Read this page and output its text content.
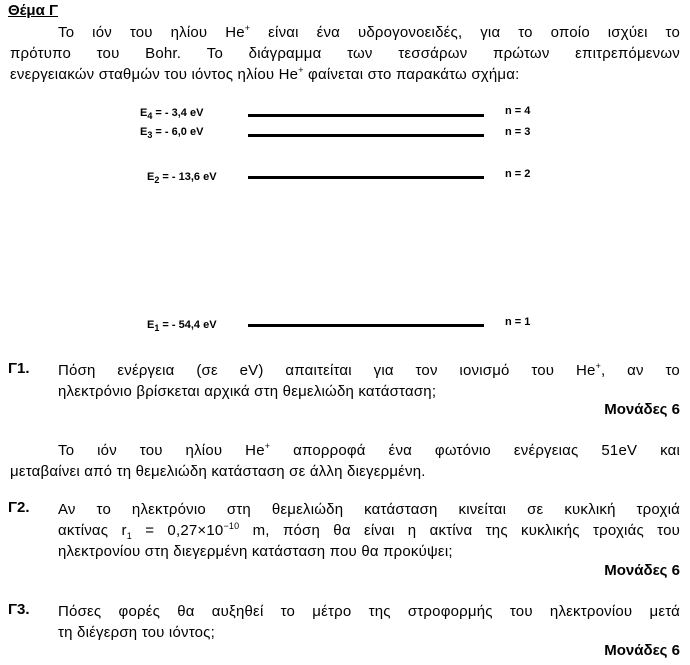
Θέμα Γ
Το ιόν του ηλίου He+ είναι ένα υδρογονοειδές, για το οποίο ισχύει το
πρότυπο του Bohr. Το διάγραμμα των τεσσάρων πρώτων επιτρεπόμενων
ενεργειακών σταθμών του ιόντος ηλίου He+ φαίνεται στο παρακάτω σχήμα:
$E_4$ = - 3,4 eV	n = 4
$E_3$ = - 6,0 eV	n = 3
$E_2$ = - 13,6 eV	n = 2
$E_1$ = - 54,4 eV	n = 1
Γ1. Πόση ενέργεια (σε eV) απαιτείται για τον ιονισμό του He+, αν το
ηλεκτρόνιο βρίσκεται αρχικά στη θεμελιώδη κατάσταση;
Μονάδες 6
Το ιόν του ηλίου He+ απορροφά ένα φωτόνιο ενέργειας 51eV και
μεταβαίνει από τη θεμελιώδη κατάσταση σε άλλη διεγερμένη.
Γ2. Αν το ηλεκτρόνιο στη θεμελιώδη κατάσταση κινείται σε κυκλική τροχιά
ακτίνας $r_1 = 0,27\times 10^{-10}$ m, πόση θα είναι η ακτίνα της κυκλικής τροχιάς του
ηλεκτρονίου στη διεγερμένη κατάσταση που θα προκύψει;
Μονάδες 6
Γ3. Πόσες φορές θα αυξηθεί το μέτρο της στροφορμής του ηλεκτρονίου μετά
τη διέγερση του ιόντος;
Μονάδες 6
